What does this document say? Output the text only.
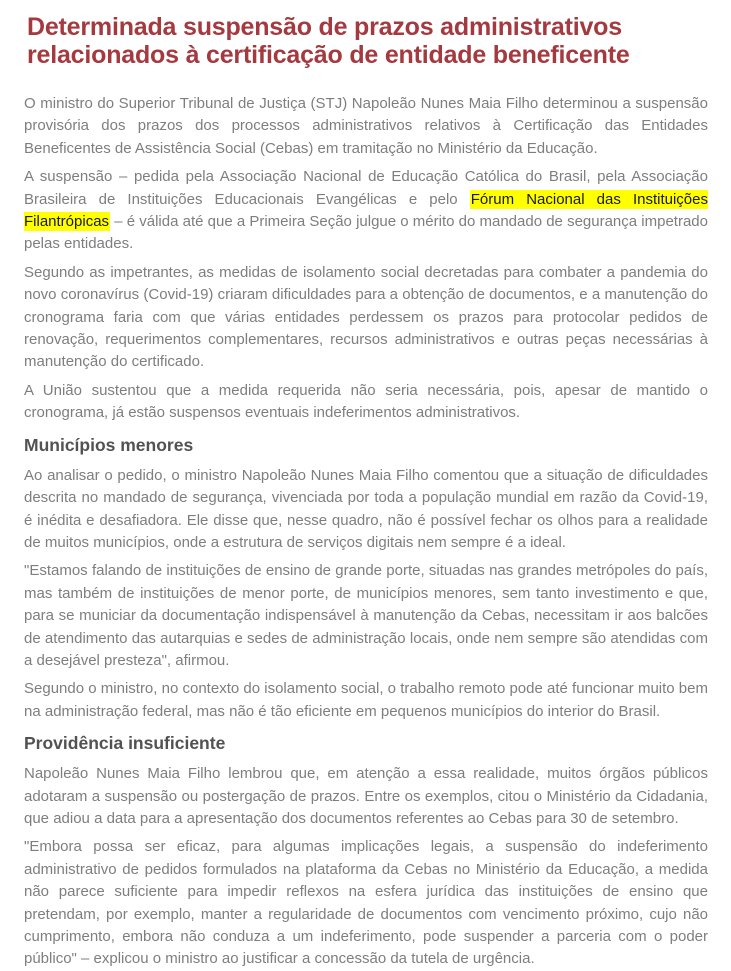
Determinada suspensão de prazos administrativos relacionados à certificação de entidade beneficente

O ministro do Superior Tribunal de Justiça (STJ) Napoleão Nunes Maia Filho determinou a suspensão provisória dos prazos dos processos administrativos relativos à Certificação das Entidades Beneficentes de Assistência Social (Cebas) em tramitação no Ministério da Educação.

A suspensão – pedida pela Associação Nacional de Educação Católica do Brasil, pela Associação Brasileira de Instituições Educacionais Evangélicas e pelo Fórum Nacional das Instituições Filantrópicas – é válida até que a Primeira Seção julgue o mérito do mandado de segurança impetrado pelas entidades.

Segundo as impetrantes, as medidas de isolamento social decretadas para combater a pandemia do novo coronavírus (Covid-19) criaram dificuldades para a obtenção de documentos, e a manutenção do cronograma faria com que várias entidades perdessem os prazos para protocolar pedidos de renovação, requerimentos complementares, recursos administrativos e outras peças necessárias à manutenção do certificado.

A União sustentou que a medida requerida não seria necessária, pois, apesar de mantido o cronograma, já estão suspensos eventuais indeferimentos administrativos.

Municípios menores

Ao analisar o pedido, o ministro Napoleão Nunes Maia Filho comentou que a situação de dificuldades descrita no mandado de segurança, vivenciada por toda a população mundial em razão da Covid-19, é inédita e desafiadora. Ele disse que, nesse quadro, não é possível fechar os olhos para a realidade de muitos municípios, onde a estrutura de serviços digitais nem sempre é a ideal.

"Estamos falando de instituições de ensino de grande porte, situadas nas grandes metrópoles do país, mas também de instituições de menor porte, de municípios menores, sem tanto investimento e que, para se municiar da documentação indispensável à manutenção da Cebas, necessitam ir aos balcões de atendimento das autarquias e sedes de administração locais, onde nem sempre são atendidas com a desejável presteza", afirmou.

Segundo o ministro, no contexto do isolamento social, o trabalho remoto pode até funcionar muito bem na administração federal, mas não é tão eficiente em pequenos municípios do interior do Brasil.

Providência insuficiente

Napoleão Nunes Maia Filho lembrou que, em atenção a essa realidade, muitos órgãos públicos adotaram a suspensão ou postergação de prazos. Entre os exemplos, citou o Ministério da Cidadania, que adiou a data para a apresentação dos documentos referentes ao Cebas para 30 de setembro.

"Embora possa ser eficaz, para algumas implicações legais, a suspensão do indeferimento administrativo de pedidos formulados na plataforma da Cebas no Ministério da Educação, a medida não parece suficiente para impedir reflexos na esfera jurídica das instituições de ensino que pretendam, por exemplo, manter a regularidade de documentos com vencimento próximo, cujo não cumprimento, embora não conduza a um indeferimento, pode suspender a parceria com o poder público" – explicou o ministro ao justificar a concessão da tutela de urgência.
